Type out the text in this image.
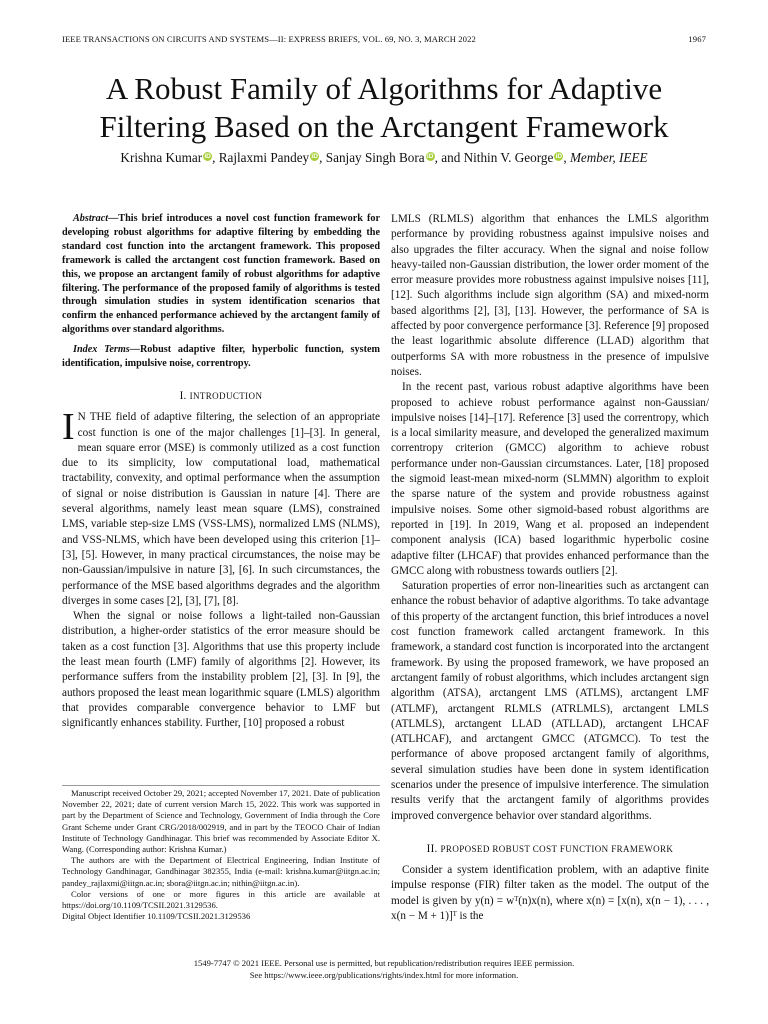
IEEE TRANSACTIONS ON CIRCUITS AND SYSTEMS—II: EXPRESS BRIEFS, VOL. 69, NO. 3, MARCH 2022	1967
A Robust Family of Algorithms for Adaptive
Filtering Based on the Arctangent Framework
Krishna Kumar iD, Rajlaxmi Pandey iD, Sanjay Singh Bora iD, and Nithin V. George iD, Member, IEEE

Abstract—This brief introduces a novel cost function framework for developing robust algorithms for adaptive filtering by embedding the standard cost function into the arctangent framework. This proposed framework is called the arctangent cost function framework. Based on this, we propose an arctangent family of robust algorithms for adaptive filtering. The performance of the proposed family of algorithms is tested through simulation studies in system identification scenarios that confirm the enhanced performance achieved by the arctangent family of algorithms over standard algorithms.

Index Terms—Robust adaptive filter, hyperbolic function, system identification, impulsive noise, correntropy.

I. INTRODUCTION

I N THE field of adaptive filtering, the selection of an appropriate cost function is one of the major challenges [1]–[3]. In general, mean square error (MSE) is commonly utilized as a cost function due to its simplicity, low computational load, mathematical tractability, convexity, and optimal performance when the assumption of signal or noise distribution is Gaussian in nature [4]. There are several algorithms, namely least mean square (LMS), constrained LMS, variable step-size LMS (VSS-LMS), normalized LMS (NLMS), and VSS-NLMS, which have been developed using this criterion [1]–[3], [5]. However, in many practical circumstances, the noise may be non-Gaussian/impulsive in nature [3], [6]. In such circumstances, the performance of the MSE based algorithms degrades and the algorithm diverges in some cases [2], [3], [7], [8].

When the signal or noise follows a light-tailed non-Gaussian distribution, a higher-order statistics of the error measure should be taken as a cost function [3]. Algorithms that use this property include the least mean fourth (LMF) family of algorithms [2]. However, its performance suffers from the instability problem [2], [3]. In [9], the authors proposed the least mean logarithmic square (LMLS) algorithm that provides comparable convergence behavior to LMF but significantly enhances stability. Further, [10] proposed a robust

Manuscript received October 29, 2021; accepted November 17, 2021. Date of publication November 22, 2021; date of current version March 15, 2022. This work was supported in part by the Department of Science and Technology, Government of India through the Core Grant Scheme under Grant CRG/2018/002919, and in part by the TEOCO Chair of Indian Institute of Technology Gandhinagar. This brief was recommended by Associate Editor X. Wang. (Corresponding author: Krishna Kumar.)

The authors are with the Department of Electrical Engineering, Indian Institute of Technology Gandhinagar, Gandhinagar 382355, India (e-mail: krishna.kumar@iitgn.ac.in; pandey_rajlaxmi@iitgn.ac.in; sbora@iitgn.ac.in; nithin@iitgn.ac.in).

Color versions of one or more figures in this article are available at https://doi.org/10.1109/TCSII.2021.3129536.

Digital Object Identifier 10.1109/TCSII.2021.3129536

LMLS (RLMLS) algorithm that enhances the LMLS algorithm performance by providing robustness against impulsive noises and also upgrades the filter accuracy. When the signal and noise follow heavy-tailed non-Gaussian distribution, the lower order moment of the error measure provides more robustness against impulsive noises [11], [12]. Such algorithms include sign algorithm (SA) and mixed-norm based algorithms [2], [3], [13]. However, the performance of SA is affected by poor convergence performance [3]. Reference [9] proposed the least logarithmic absolute difference (LLAD) algorithm that outperforms SA with more robustness in the presence of impulsive noises.

In the recent past, various robust adaptive algorithms have been proposed to achieve robust performance against non-Gaussian/ impulsive noises [14]–[17]. Reference [3] used the correntropy, which is a local similarity measure, and developed the generalized maximum correntropy criterion (GMCC) algorithm to achieve robust performance under non-Gaussian circumstances. Later, [18] proposed the sigmoid least-mean mixed-norm (SLMMN) algorithm to exploit the sparse nature of the system and provide robustness against impulsive noises. Some other sigmoid-based robust algorithms are reported in [19]. In 2019, Wang et al. proposed an independent component analysis (ICA) based logarithmic hyperbolic cosine adaptive filter (LHCAF) that provides enhanced performance than the GMCC along with robustness towards outliers [2].

Saturation properties of error non-linearities such as arctangent can enhance the robust behavior of adaptive algorithms. To take advantage of this property of the arctangent function, this brief introduces a novel cost function framework called arctangent framework. In this framework, a standard cost function is incorporated into the arctangent framework. By using the proposed framework, we have proposed an arctangent family of robust algorithms, which includes arctangent sign algorithm (ATSA), arctangent LMS (ATLMS), arctangent LMF (ATLMF), arctangent RLMLS (ATRLMLS), arctangent LMLS (ATLMLS), arctangent LLAD (ATLLAD), arctangent LHCAF (ATLHCAF), and arctangent GMCC (ATGMCC). To test the performance of above proposed arctangent family of algorithms, several simulation studies have been done in system identification scenarios under the presence of impulsive interference. The simulation results verify that the arctangent family of algorithms provides improved convergence behavior over standard algorithms.

II. PROPOSED ROBUST COST FUNCTION FRAMEWORK

Consider a system identification problem, with an adaptive finite impulse response (FIR) filter taken as the model. The output of the model is given by y(n) = wᵀ(n)x(n), where x(n) = [x(n), x(n − 1), . . . , x(n − M + 1)]ᵀ is the

1549-7747 © 2021 IEEE. Personal use is permitted, but republication/redistribution requires IEEE permission.
See https://www.ieee.org/publications/rights/index.html for more information.
